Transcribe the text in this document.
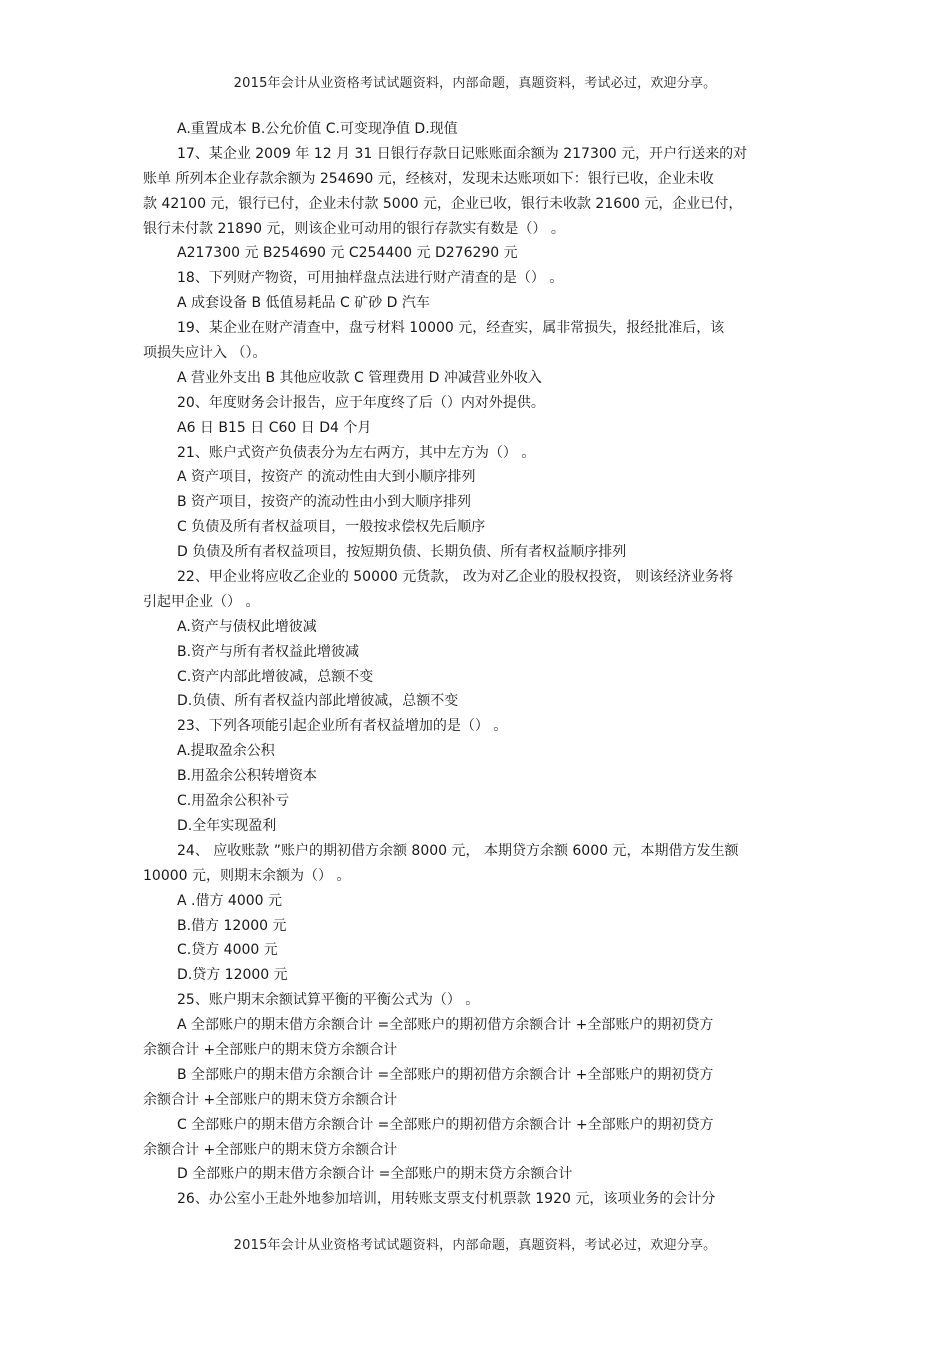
2015年会计从业资格考试试题资料，内部命题，真题资料，考试必过，欢迎分享。
A.重置成本 B.公允价值 C.可变现净值 D.现值
17、某企业 2009 年 12 月 31 日银行存款日记账账面余额为 217300 元，开户行送来的对
账单 所列本企业存款余额为 254690 元，经核对，发现未达账项如下：银行已收，企业未收
款 42100 元，银行已付，企业未付款 5000 元，企业已收，银行未收款 21600 元，企业已付，
银行未付款 21890 元，则该企业可动用的银行存款实有数是（） 。
A217300 元 B254690 元 C254400 元 D276290 元
18、下列财产物资，可用抽样盘点法进行财产清查的是（） 。
A 成套设备 B 低值易耗品 C 矿砂 D 汽车
19、某企业在财产清查中，盘亏材料 10000 元，经查实，属非常损失，报经批准后，该
项损失应计入 （）。
A 营业外支出 B 其他应收款 C 管理费用 D 冲减营业外收入
20、年度财务会计报告，应于年度终了后（）内对外提供。
A6 日 B15 日 C60 日 D4 个月
21、账户式资产负债表分为左右两方，其中左方为（） 。
A 资产项目，按资产 的流动性由大到小顺序排列
B 资产项目，按资产的流动性由小到大顺序排列
C 负债及所有者权益项目，一般按求偿权先后顺序
D 负债及所有者权益项目，按短期负债、长期负债、所有者权益顺序排列
22、甲企业将应收乙企业的 50000 元货款， 改为对乙企业的股权投资， 则该经济业务将
引起甲企业（） 。
A.资产与债权此增彼减
B.资产与所有者权益此增彼减
C.资产内部此增彼减，总额不变
D.负债、所有者权益内部此增彼减，总额不变
23、下列各项能引起企业所有者权益增加的是（） 。
A.提取盈余公积
B.用盈余公积转增资本
C.用盈余公积补亏
D.全年实现盈利
24、 应收账款 ”账户的期初借方余额 8000 元， 本期贷方余额 6000 元，本期借方发生额
10000 元，则期末余额为（） 。
A .借方 4000 元
B.借方 12000 元
C.贷方 4000 元
D.贷方 12000 元
25、账户期末余额试算平衡的平衡公式为（） 。
A 全部账户的期末借方余额合计 =全部账户的期初借方余额合计 +全部账户的期初贷方
余额合计 +全部账户的期末贷方余额合计
B 全部账户的期末借方余额合计 =全部账户的期初借方余额合计 +全部账户的期初贷方
余额合计 +全部账户的期末贷方余额合计
C 全部账户的期末借方余额合计 =全部账户的期初借方余额合计 +全部账户的期初贷方
余额合计 +全部账户的期末贷方余额合计
D 全部账户的期末借方余额合计 =全部账户的期末贷方余额合计
26、办公室小王赴外地参加培训，用转账支票支付机票款 1920 元，该项业务的会计分
2015年会计从业资格考试试题资料，内部命题，真题资料，考试必过，欢迎分享。
